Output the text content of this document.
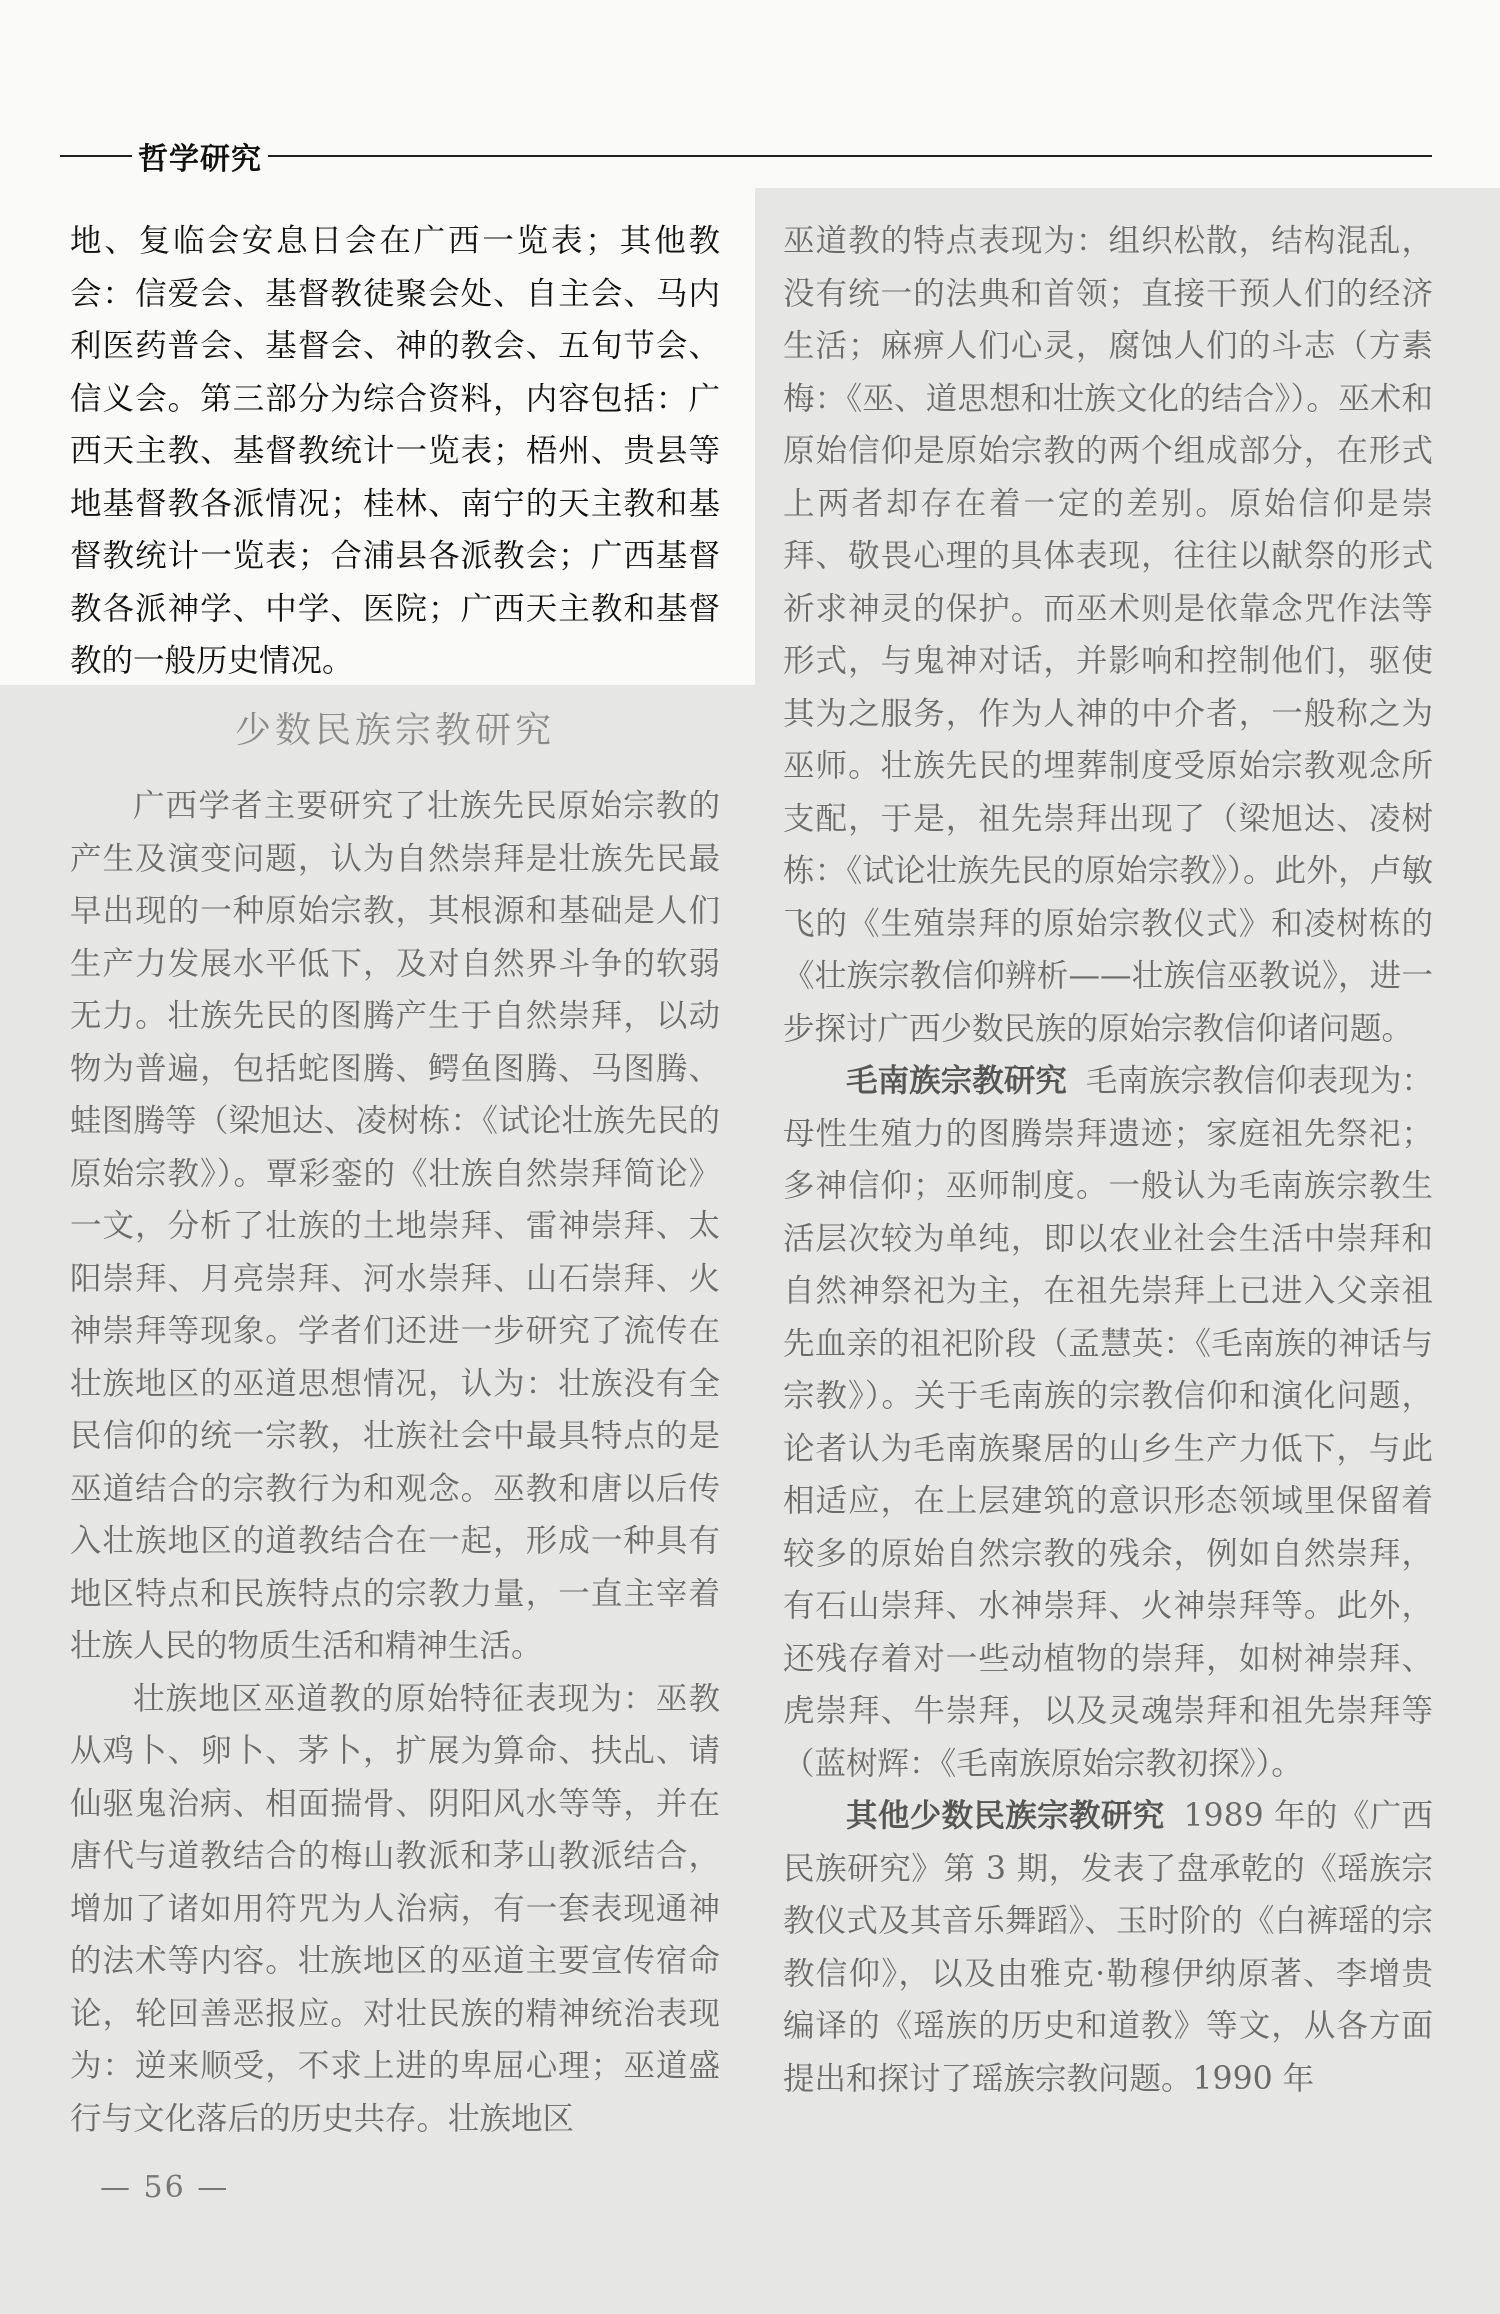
哲学研究

地、复临会安息日会在广西一览表；其他教会：信爱会、基督教徒聚会处、自主会、马内利医药普会、基督会、神的教会、五旬节会、信义会。第三部分为综合资料，内容包括：广西天主教、基督教统计一览表；梧州、贵县等地基督教各派情况；桂林、南宁的天主教和基督教统计一览表；合浦县各派教会；广西基督教各派神学、中学、医院；广西天主教和基督教的一般历史情况。

少数民族宗教研究

广西学者主要研究了壮族先民原始宗教的产生及演变问题，认为自然崇拜是壮族先民最早出现的一种原始宗教，其根源和基础是人们生产力发展水平低下，及对自然界斗争的软弱无力。壮族先民的图腾产生于自然崇拜，以动物为普遍，包括蛇图腾、鳄鱼图腾、马图腾、蛙图腾等（梁旭达、凌树栋：《试论壮族先民的原始宗教》）。覃彩銮的《壮族自然崇拜简论》一文，分析了壮族的土地崇拜、雷神崇拜、太阳崇拜、月亮崇拜、河水崇拜、山石崇拜、火神崇拜等现象。学者们还进一步研究了流传在壮族地区的巫道思想情况，认为：壮族没有全民信仰的统一宗教，壮族社会中最具特点的是巫道结合的宗教行为和观念。巫教和唐以后传入壮族地区的道教结合在一起，形成一种具有地区特点和民族特点的宗教力量，一直主宰着壮族人民的物质生活和精神生活。

壮族地区巫道教的原始特征表现为：巫教从鸡卜、卵卜、茅卜，扩展为算命、扶乩、请仙驱鬼治病、相面揣骨、阴阳风水等等，并在唐代与道教结合的梅山教派和茅山教派结合，增加了诸如用符咒为人治病，有一套表现通神的法术等内容。壮族地区的巫道主要宣传宿命论，轮回善恶报应。对壮民族的精神统治表现为：逆来顺受，不求上进的卑屈心理；巫道盛行与文化落后的历史共存。壮族地区

巫道教的特点表现为：组织松散，结构混乱，没有统一的法典和首领；直接干预人们的经济生活；麻痹人们心灵，腐蚀人们的斗志（方素梅：《巫、道思想和壮族文化的结合》）。巫术和原始信仰是原始宗教的两个组成部分，在形式上两者却存在着一定的差别。原始信仰是崇拜、敬畏心理的具体表现，往往以献祭的形式祈求神灵的保护。而巫术则是依靠念咒作法等形式，与鬼神对话，并影响和控制他们，驱使其为之服务，作为人神的中介者，一般称之为巫师。壮族先民的埋葬制度受原始宗教观念所支配，于是，祖先崇拜出现了（梁旭达、凌树栋：《试论壮族先民的原始宗教》）。此外，卢敏飞的《生殖崇拜的原始宗教仪式》和凌树栋的《壮族宗教信仰辨析——壮族信巫教说》，进一步探讨广西少数民族的原始宗教信仰诸问题。

毛南族宗教研究 毛南族宗教信仰表现为：母性生殖力的图腾崇拜遗迹；家庭祖先祭祀；多神信仰；巫师制度。一般认为毛南族宗教生活层次较为单纯，即以农业社会生活中崇拜和自然神祭祀为主，在祖先崇拜上已进入父亲祖先血亲的祖祀阶段（孟慧英：《毛南族的神话与宗教》）。关于毛南族的宗教信仰和演化问题，论者认为毛南族聚居的山乡生产力低下，与此相适应，在上层建筑的意识形态领域里保留着较多的原始自然宗教的残余，例如自然崇拜，有石山崇拜、水神崇拜、火神崇拜等。此外，还残存着对一些动植物的崇拜，如树神崇拜、虎崇拜、牛崇拜，以及灵魂崇拜和祖先崇拜等（蓝树辉：《毛南族原始宗教初探》）。

其他少数民族宗教研究 1989 年的《广西民族研究》第 3 期，发表了盘承乾的《瑶族宗教仪式及其音乐舞蹈》、玉时阶的《白裤瑶的宗教信仰》，以及由雅克·勒穆伊纳原著、李增贵编译的《瑶族的历史和道教》等文，从各方面提出和探讨了瑶族宗教问题。1990 年

— 56 —
